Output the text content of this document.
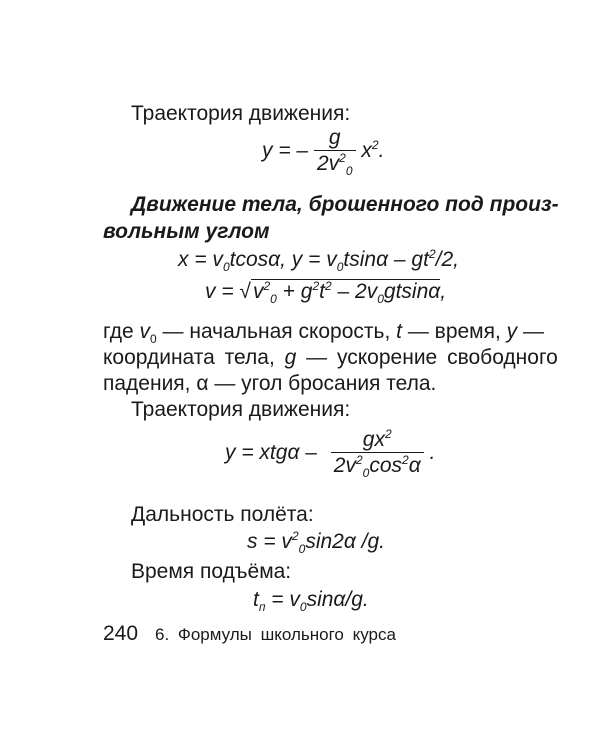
Траектория движения:
y = – $\frac{g}{2v^2_0} x^2$.
Движение тела, брошенного под произ-
вольным углом
$x = v_0tcos\alpha$, $y = v_0tsin\alpha - gt^2/2$,
$v = √v^2_0 + g^2t^2 - 2v_0gtsin\alpha$,
где $v_0$ — начальная скорость, t — время, y —
координата тела, g — ускорение свободного
падения, α — угол бросания тела.
Траектория движения:
$y = xtg\alpha - \frac{gx^2}{2v^2_0\cos^2\alpha}$ .
Дальность полёта:
$s = v^2_0\sin 2\alpha$ /g.
Время подъёма:
$t_п = v_0\sin\alpha/g$.
240 6. Формулы школьного курса
